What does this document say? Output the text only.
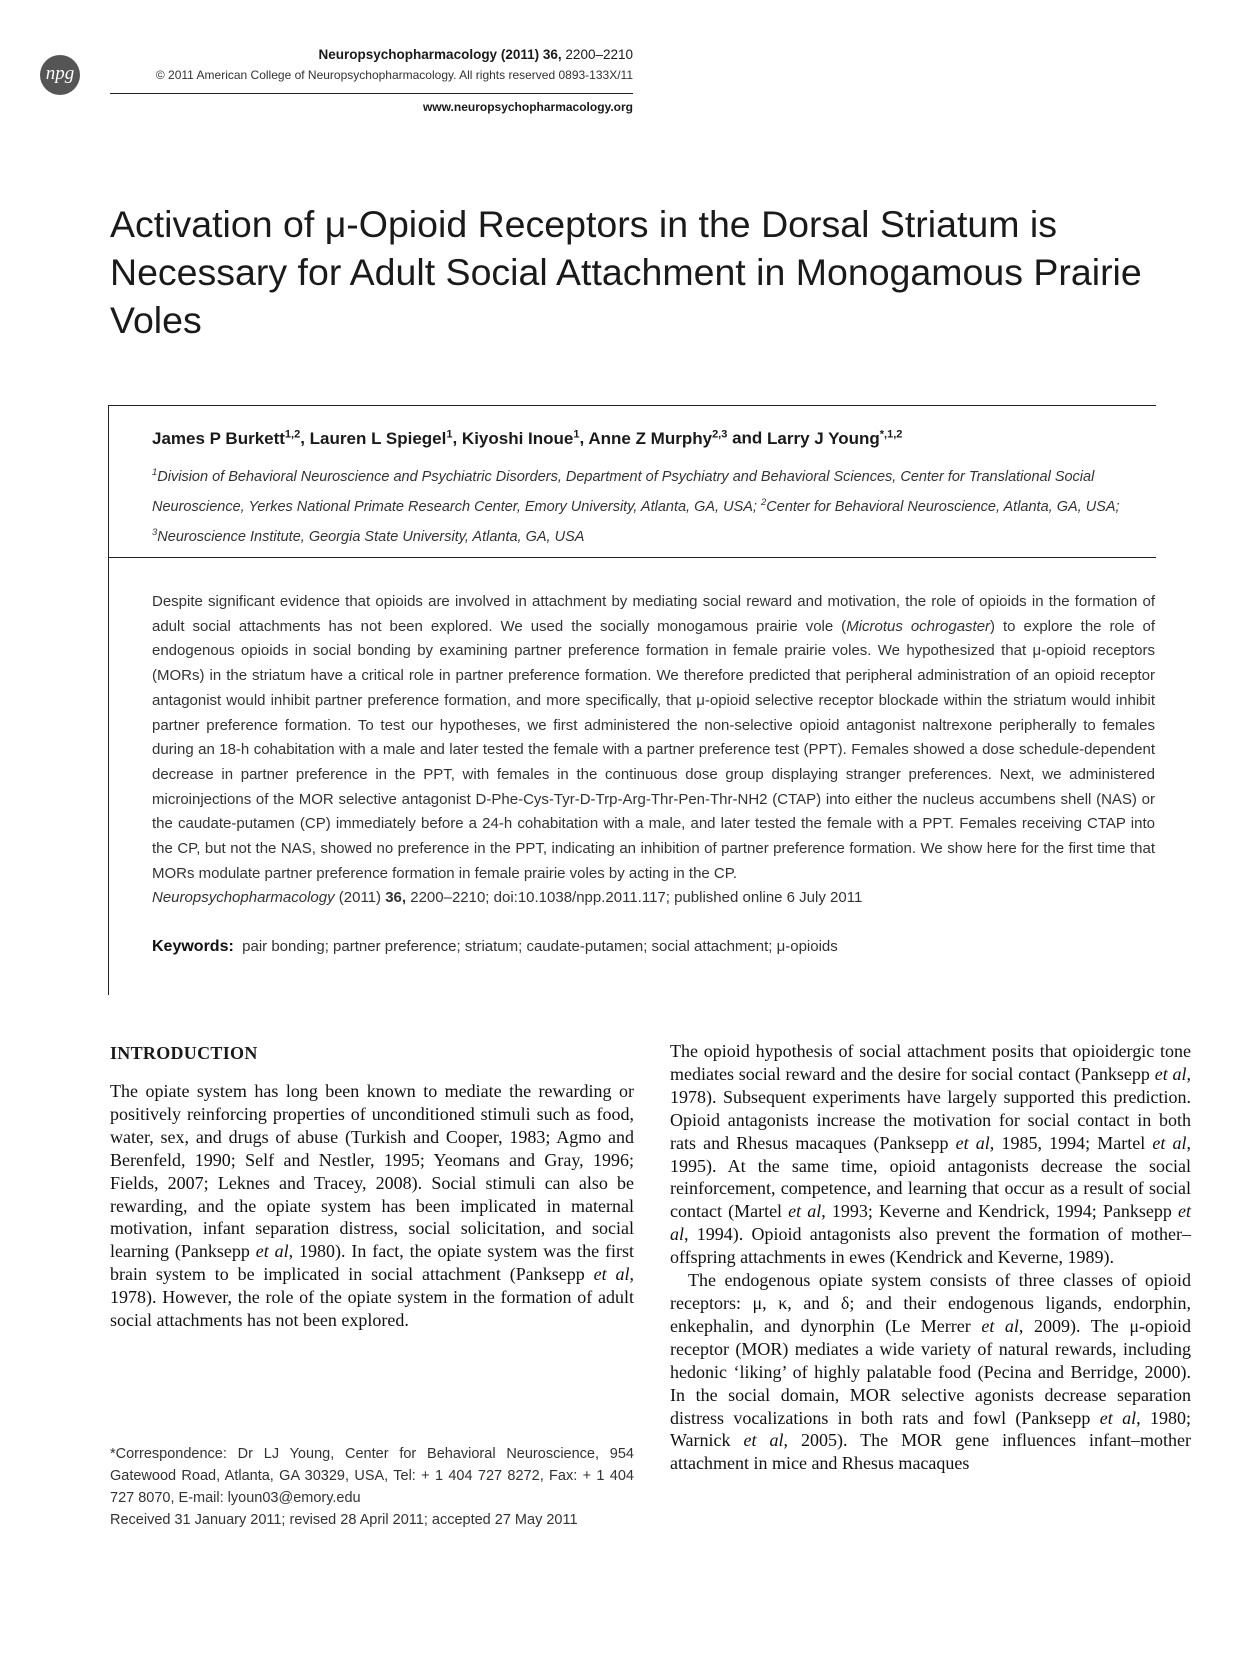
npg
Neuropsychopharmacology (2011) 36, 2200–2210
© 2011 American College of Neuropsychopharmacology. All rights reserved 0893-133X/11
www.neuropsychopharmacology.org
Activation of μ-Opioid Receptors in the Dorsal Striatum is Necessary for Adult Social Attachment in Monogamous Prairie Voles
James P Burkett$^{1,2}$, Lauren L Spiegel$^1$, Kiyoshi Inoue$^1$, Anne Z Murphy$^{2,3}$ and Larry J Young$^{*,1,2}$
$^1$Division of Behavioral Neuroscience and Psychiatric Disorders, Department of Psychiatry and Behavioral Sciences, Center for Translational Social Neuroscience, Yerkes National Primate Research Center, Emory University, Atlanta, GA, USA; $^2$Center for Behavioral Neuroscience, Atlanta, GA, USA; $^3$Neuroscience Institute, Georgia State University, Atlanta, GA, USA

Despite significant evidence that opioids are involved in attachment by mediating social reward and motivation, the role of opioids in the formation of adult social attachments has not been explored. We used the socially monogamous prairie vole (Microtus ochrogaster) to explore the role of endogenous opioids in social bonding by examining partner preference formation in female prairie voles. We hypothesized that μ-opioid receptors (MORs) in the striatum have a critical role in partner preference formation. We therefore predicted that peripheral administration of an opioid receptor antagonist would inhibit partner preference formation, and more specifically, that μ-opioid selective receptor blockade within the striatum would inhibit partner preference formation. To test our hypotheses, we first administered the non-selective opioid antagonist naltrexone peripherally to females during an 18-h cohabitation with a male and later tested the female with a partner preference test (PPT). Females showed a dose schedule-dependent decrease in partner preference in the PPT, with females in the continuous dose group displaying stranger preferences. Next, we administered microinjections of the MOR selective antagonist D-Phe-Cys-Tyr-D-Trp-Arg-Thr-Pen-Thr-NH2 (CTAP) into either the nucleus accumbens shell (NAS) or the caudate-putamen (CP) immediately before a 24-h cohabitation with a male, and later tested the female with a PPT. Females receiving CTAP into the CP, but not the NAS, showed no preference in the PPT, indicating an inhibition of partner preference formation. We show here for the first time that MORs modulate partner preference formation in female prairie voles by acting in the CP.
Neuropsychopharmacology (2011) 36, 2200–2210; doi:10.1038/npp.2011.117; published online 6 July 2011

Keywords: pair bonding; partner preference; striatum; caudate-putamen; social attachment; μ-opioids
INTRODUCTION

The opiate system has long been known to mediate the rewarding or positively reinforcing properties of unconditioned stimuli such as food, water, sex, and drugs of abuse (Turkish and Cooper, 1983; Agmo and Berenfeld, 1990; Self and Nestler, 1995; Yeomans and Gray, 1996; Fields, 2007; Leknes and Tracey, 2008). Social stimuli can also be rewarding, and the opiate system has been implicated in maternal motivation, infant separation distress, social solicitation, and social learning (Panksepp et al, 1980). In fact, the opiate system was the first brain system to be implicated in social attachment (Panksepp et al, 1978). However, the role of the opiate system in the formation of adult social attachments has not been explored.

*Correspondence: Dr LJ Young, Center for Behavioral Neuroscience, 954 Gatewood Road, Atlanta, GA 30329, USA, Tel: + 1 404 727 8272, Fax: + 1 404 727 8070, E-mail: lyoun03@emory.edu

Received 31 January 2011; revised 28 April 2011; accepted 27 May 2011

The opioid hypothesis of social attachment posits that opioidergic tone mediates social reward and the desire for social contact (Panksepp et al, 1978). Subsequent experiments have largely supported this prediction. Opioid antagonists increase the motivation for social contact in both rats and Rhesus macaques (Panksepp et al, 1985, 1994; Martel et al, 1995). At the same time, opioid antagonists decrease the social reinforcement, competence, and learning that occur as a result of social contact (Martel et al, 1993; Keverne and Kendrick, 1994; Panksepp et al, 1994). Opioid antagonists also prevent the formation of mother–offspring attachments in ewes (Kendrick and Keverne, 1989).

The endogenous opiate system consists of three classes of opioid receptors: μ, κ, and δ; and their endogenous ligands, endorphin, enkephalin, and dynorphin (Le Merrer et al, 2009). The μ-opioid receptor (MOR) mediates a wide variety of natural rewards, including hedonic ‘liking’ of highly palatable food (Pecina and Berridge, 2000). In the social domain, MOR selective agonists decrease separation distress vocalizations in both rats and fowl (Panksepp et al, 1980; Warnick et al, 2005). The MOR gene influences infant–mother attachment in mice and Rhesus macaques
